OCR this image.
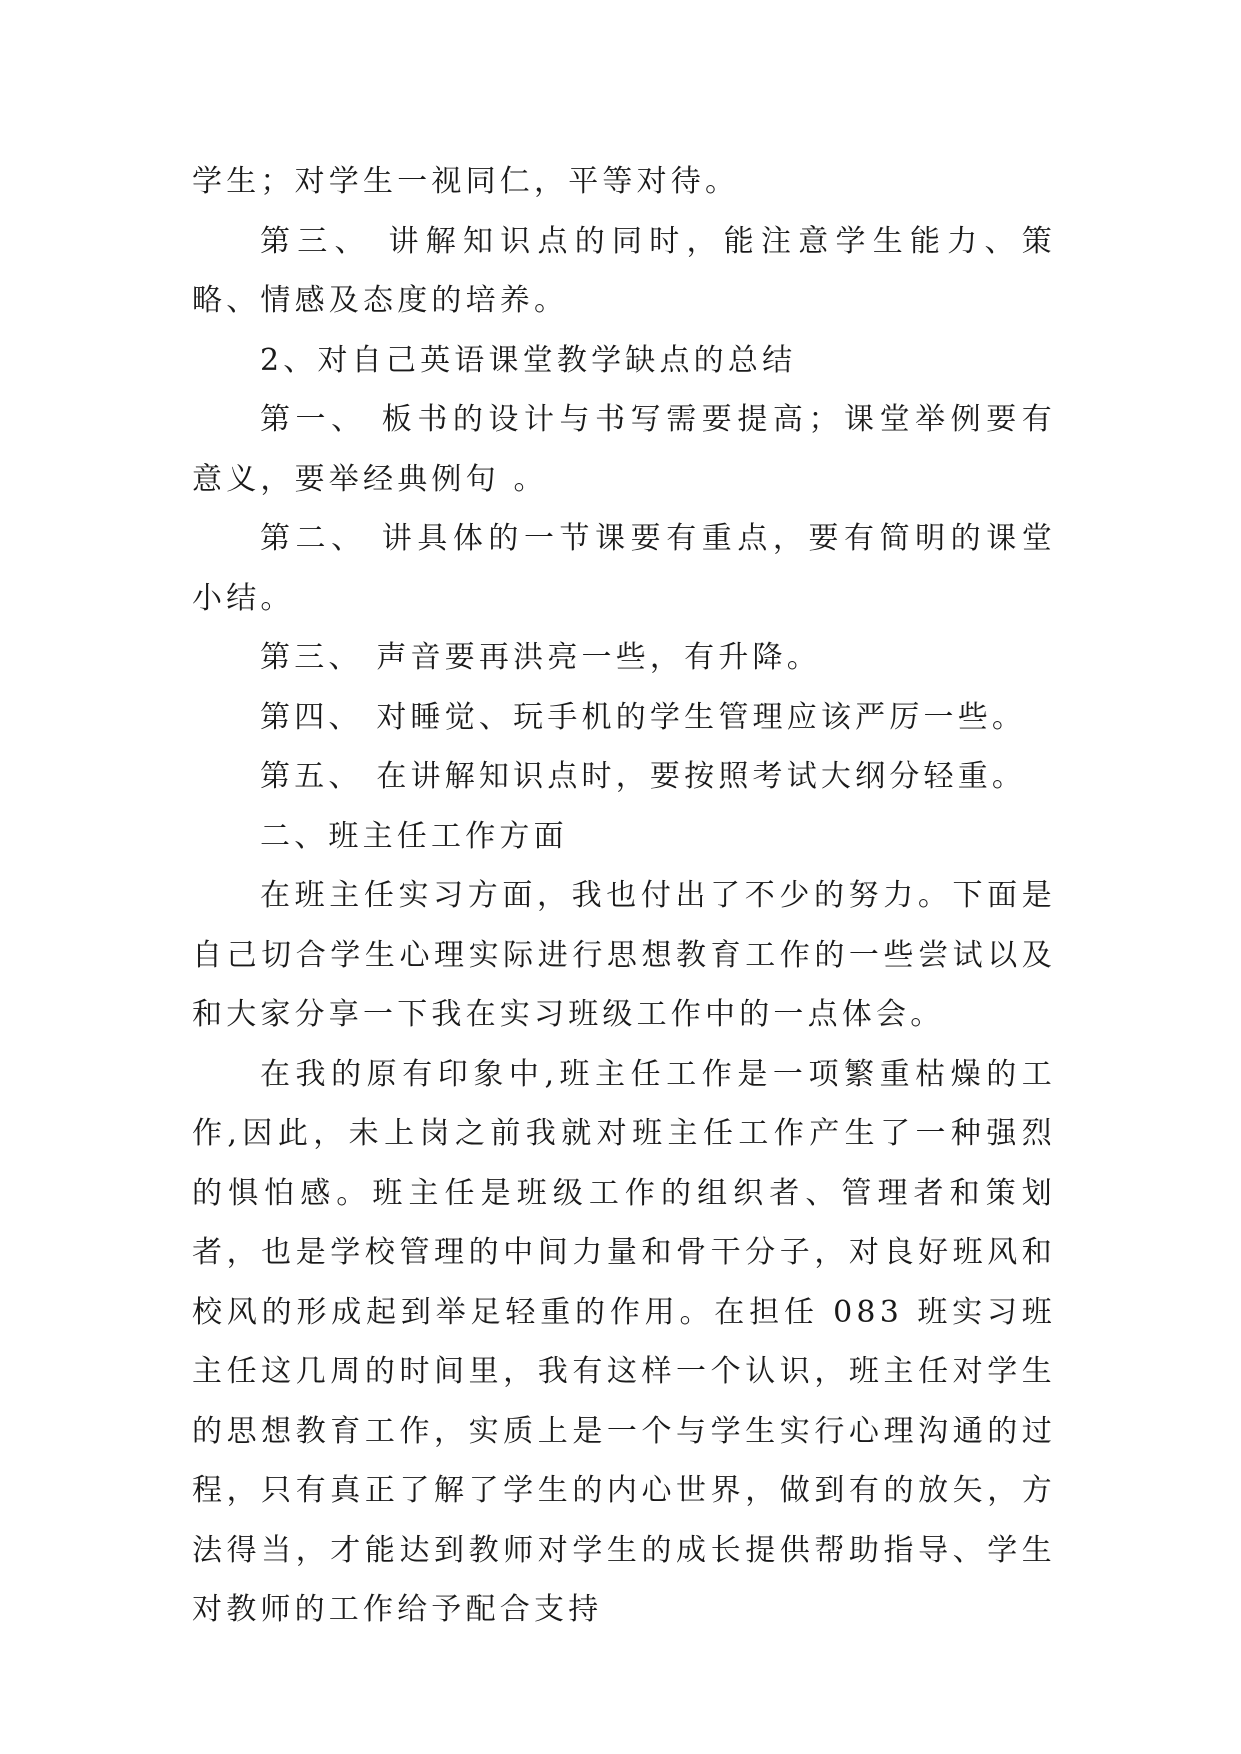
学生；对学生一视同仁，平等对待。

第三、 讲解知识点的同时，能注意学生能力、策略、情感及态度的培养。

2、对自己英语课堂教学缺点的总结

第一、 板书的设计与书写需要提高；课堂举例要有意义，要举经典例句 。

第二、 讲具体的一节课要有重点，要有简明的课堂小结。

第三、 声音要再洪亮一些，有升降。

第四、 对睡觉、玩手机的学生管理应该严厉一些。

第五、 在讲解知识点时，要按照考试大纲分轻重。

二、班主任工作方面

在班主任实习方面，我也付出了不少的努力。下面是自己切合学生心理实际进行思想教育工作的一些尝试以及和大家分享一下我在实习班级工作中的一点体会。

在我的原有印象中,班主任工作是一项繁重枯燥的工作,因此，未上岗之前我就对班主任工作产生了一种强烈的惧怕感。班主任是班级工作的组织者、管理者和策划者，也是学校管理的中间力量和骨干分子，对良好班风和校风的形成起到举足轻重的作用。在担任 083 班实习班主任这几周的时间里，我有这样一个认识，班主任对学生的思想教育工作，实质上是一个与学生实行心理沟通的过程，只有真正了解了学生的内心世界，做到有的放矢，方法得当，才能达到教师对学生的成长提供帮助指导、学生对教师的工作给予配合支持
